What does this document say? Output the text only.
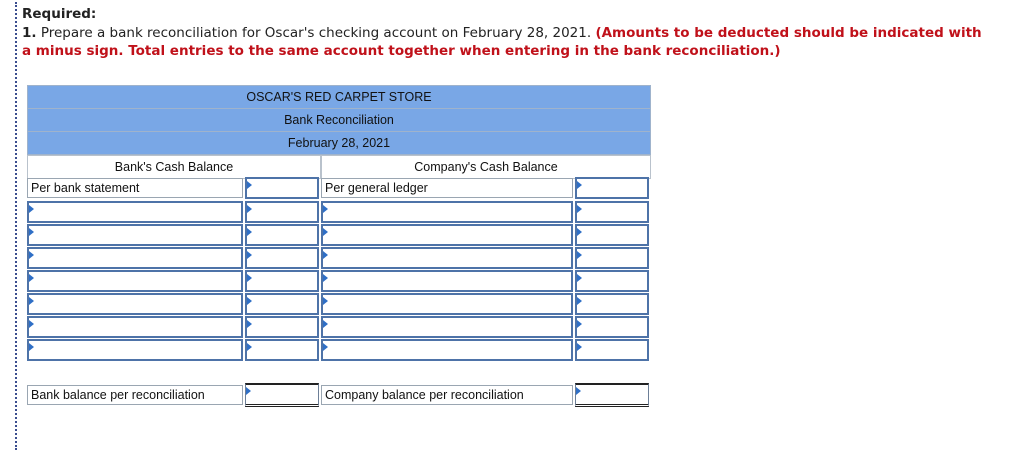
Required:
1. Prepare a bank reconciliation for Oscar's checking account on February 28, 2021. (Amounts to be deducted should be indicated with a minus sign. Total entries to the same account together when entering in the bank reconciliation.)
OSCAR'S RED CARPET STORE
Bank Reconciliation
February 28, 2021
Bank's Cash Balance	Company's Cash Balance
Per bank statement	Per general ledger
Bank balance per reconciliation	Company balance per reconciliation
